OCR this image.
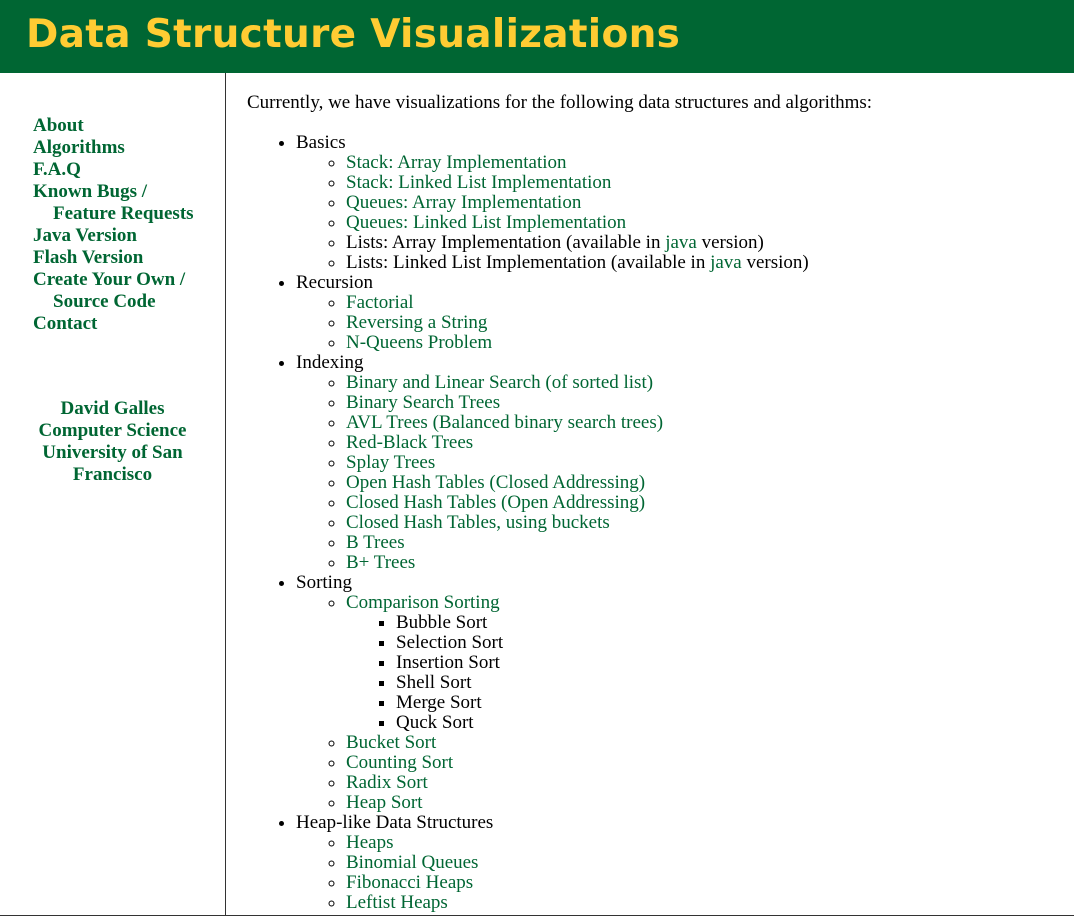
Data Structure Visualizations
About
Algorithms
F.A.Q
Known Bugs /
Feature Requests
Java Version
Flash Version
Create Your Own /
Source Code
Contact
David Galles
Computer Science
University of San
Francisco

Currently, we have visualizations for the following data structures and algorithms:

• Basics
◦ Stack: Array Implementation
◦ Stack: Linked List Implementation
◦ Queues: Array Implementation
◦ Queues: Linked List Implementation
◦ Lists: Array Implementation (available in java version)
◦ Lists: Linked List Implementation (available in java version)
• Recursion
◦ Factorial
◦ Reversing a String
◦ N-Queens Problem
• Indexing
◦ Binary and Linear Search (of sorted list)
◦ Binary Search Trees
◦ AVL Trees (Balanced binary search trees)
◦ Red-Black Trees
◦ Splay Trees
◦ Open Hash Tables (Closed Addressing)
◦ Closed Hash Tables (Open Addressing)
◦ Closed Hash Tables, using buckets
◦ B Trees
◦ B+ Trees
• Sorting
◦ Comparison Sorting
▪ Bubble Sort
▪ Selection Sort
▪ Insertion Sort
▪ Shell Sort
▪ Merge Sort
▪ Quck Sort
◦ Bucket Sort
◦ Counting Sort
◦ Radix Sort
◦ Heap Sort
• Heap-like Data Structures
◦ Heaps
◦ Binomial Queues
◦ Fibonacci Heaps
◦ Leftist Heaps
